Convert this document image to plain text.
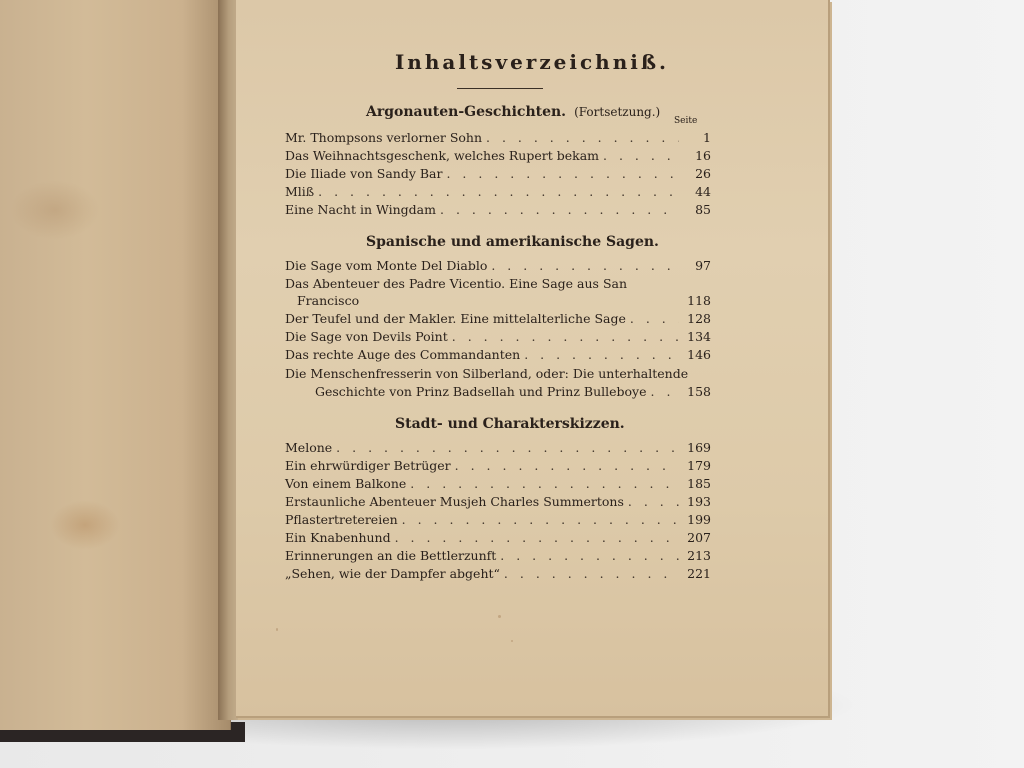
Inhaltsverzeichniß.
Argonauten-Geschichten. (Fortsetzung.)
Seite
Mr. Thompsons verlorner Sohn . . .	1
Das Weihnachtsgeschenk, welches Rupert bekam . . .	16
Die Iliade von Sandy Bar . . .	26
Mliß . . .	44
Eine Nacht in Wingdam . . .	85
Spanische und amerikanische Sagen.
Die Sage vom Monte Del Diablo . . .	97
Das Abenteuer des Padre Vicentio. Eine Sage aus San
Francisco	118
Der Teufel und der Makler. Eine mittelalterliche Sage . . .	128
Die Sage von Devils Point . . .	134
Das rechte Auge des Commandanten . . .	146
Die Menschenfresserin von Silberland, oder: Die unterhaltende
Geschichte von Prinz Badsellah und Prinz Bulleboye . . .	158
Stadt- und Charakterskizzen.
Melone . . .	169
Ein ehrwürdiger Betrüger . . .	179
Von einem Balkone . . .	185
Erstaunliche Abenteuer Musjeh Charles Summertons . . .	193
Pflastertretereien . . .	199
Ein Knabenhund . . .	207
Erinnerungen an die Bettlerzunft . . .	213
„Sehen, wie der Dampfer abgeht“ . . .	221
